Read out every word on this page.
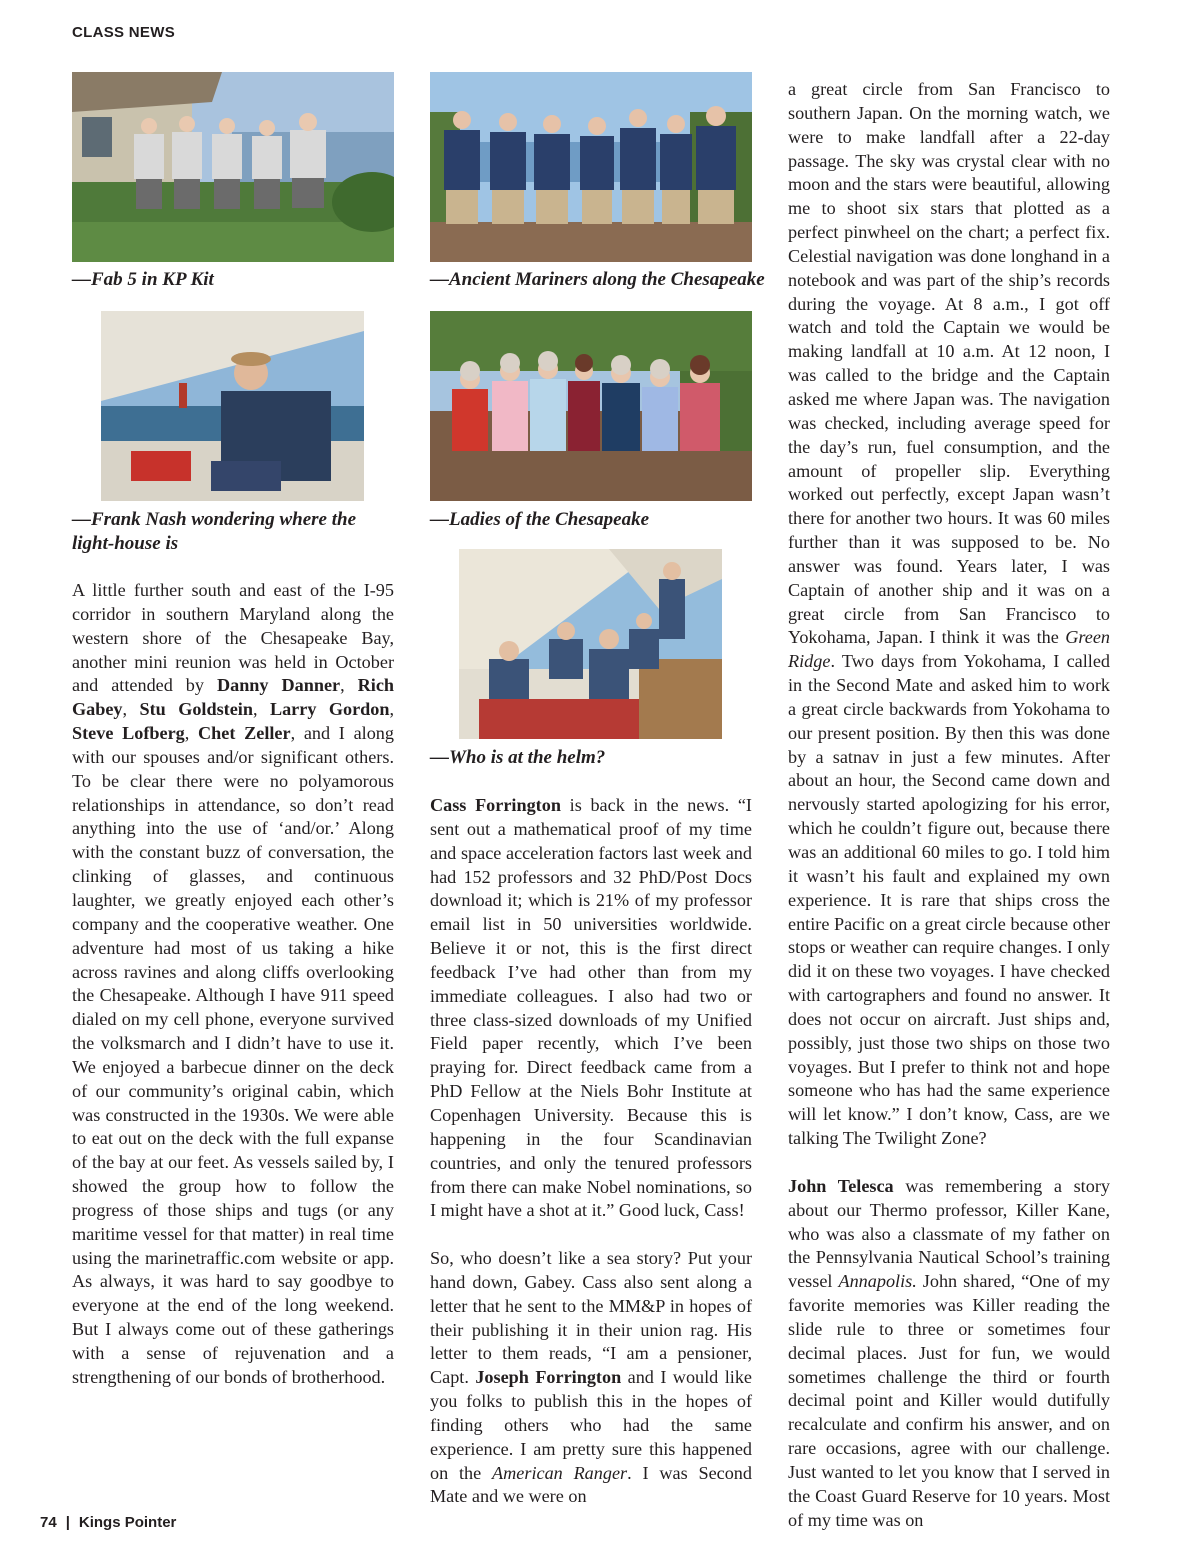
CLASS NEWS

—Fab 5 in KP Kit	—Ancient Mariners along the Chesapeake

—Frank Nash wondering where the light-house is

—Ladies of the Chesapeake

—Who is at the helm?

A little further south and east of the I-95 corridor in southern Maryland along the western shore of the Chesapeake Bay, another mini reunion was held in October and attended by Danny Danner, Rich Gabey, Stu Goldstein, Larry Gordon, Steve Lofberg, Chet Zeller, and I along with our spouses and/or significant others. To be clear there were no polyamorous relationships in attendance, so don’t read anything into the use of ‘and/or.’ Along with the constant buzz of conversation, the clinking of glasses, and continuous laughter, we greatly enjoyed each other’s company and the cooperative weather. One adventure had most of us taking a hike across ravines and along cliffs overlooking the Chesapeake. Although I have 911 speed dialed on my cell phone, everyone survived the volksmarch and I didn’t have to use it. We enjoyed a barbecue dinner on the deck of our community’s original cabin, which was constructed in the 1930s. We were able to eat out on the deck with the full expanse of the bay at our feet. As vessels sailed by, I showed the group how to follow the progress of those ships and tugs (or any maritime vessel for that matter) in real time using the marinetraffic.com website or app. As always, it was hard to say goodbye to everyone at the end of the long weekend. But I always come out of these gatherings with a sense of rejuvenation and a strengthening of our bonds of brotherhood.

Cass Forrington is back in the news. “I sent out a mathematical proof of my time and space acceleration factors last week and had 152 professors and 32 PhD/Post Docs download it; which is 21% of my professor email list in 50 universities worldwide. Believe it or not, this is the first direct feedback I’ve had other than from my immediate colleagues. I also had two or three class-sized downloads of my Unified Field paper recently, which I’ve been praying for. Direct feedback came from a PhD Fellow at the Niels Bohr Institute at Copenhagen University. Because this is happening in the four Scandinavian countries, and only the tenured professors from there can make Nobel nominations, so I might have a shot at it.” Good luck, Cass!

So, who doesn’t like a sea story? Put your hand down, Gabey. Cass also sent along a letter that he sent to the MM&P in hopes of their publishing it in their union rag. His letter to them reads, “I am a pensioner, Capt. Joseph Forrington and I would like you folks to publish this in the hopes of finding others who had the same experience. I am pretty sure this happened on the American Ranger. I was Second Mate and we were on

a great circle from San Francisco to southern Japan. On the morning watch, we were to make landfall after a 22-day passage. The sky was crystal clear with no moon and the stars were beautiful, allowing me to shoot six stars that plotted as a perfect pinwheel on the chart; a perfect fix. Celestial navigation was done longhand in a notebook and was part of the ship’s records during the voyage. At 8 a.m., I got off watch and told the Captain we would be making landfall at 10 a.m. At 12 noon, I was called to the bridge and the Captain asked me where Japan was. The navigation was checked, including average speed for the day’s run, fuel consumption, and the amount of propeller slip. Everything worked out perfectly, except Japan wasn’t there for another two hours. It was 60 miles further than it was supposed to be. No answer was found. Years later, I was Captain of another ship and it was on a great circle from San Francisco to Yokohama, Japan. I think it was the Green Ridge. Two days from Yokohama, I called in the Second Mate and asked him to work a great circle backwards from Yokohama to our present position. By then this was done by a satnav in just a few minutes. After about an hour, the Second came down and nervously started apologizing for his error, which he couldn’t figure out, because there was an additional 60 miles to go. I told him it wasn’t his fault and explained my own experience. It is rare that ships cross the entire Pacific on a great circle because other stops or weather can require changes. I only did it on these two voyages. I have checked with cartographers and found no answer. It does not occur on aircraft. Just ships and, possibly, just those two ships on those two voyages. But I prefer to think not and hope someone who has had the same experience will let know.” I don’t know, Cass, are we talking The Twilight Zone?

John Telesca was remembering a story about our Thermo professor, Killer Kane, who was also a classmate of my father on the Pennsylvania Nautical School’s training vessel Annapolis. John shared, “One of my favorite memories was Killer reading the slide rule to three or sometimes four decimal places. Just for fun, we would sometimes challenge the third or fourth decimal point and Killer would dutifully recalculate and confirm his answer, and on rare occasions, agree with our challenge. Just wanted to let you know that I served in the Coast Guard Reserve for 10 years. Most of my time was on

74 | Kings Pointer
